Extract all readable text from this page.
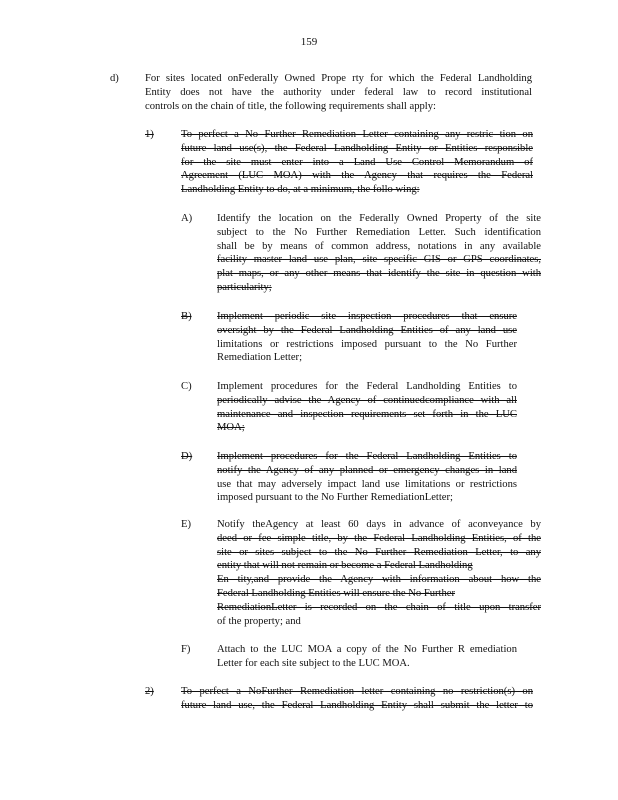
159
d) For sites located onFederally Owned Prope rty for which the Federal Landholding
Entity does not have the authority under federal law to record institutional
controls on the chain of title, the following requirements shall apply:
1)	To perfect a No Further Remediation Letter containing any restric tion on
future land use(s), the Federal Landholding Entity or Entities responsible
for the site must enter into a Land Use Control Memorandum of
Agreement (LUC MOA) with the Agency that requires the Federal
Landholding Entity to do, at a minimum, the follo wing:
A) Identify the location on the Federally Owned Property of the site
subject to the No Further Remediation Letter. Such identification
shall be by means of common address, notations in any available
facility master land use plan, site specific GIS or GPS coordinates,
plat maps, or any other means that identify the site in question with
particularity;
B) Implement periodic site inspection procedures that ensure
oversight by the Federal Landholding Entities of any land use
limitations or restrictions imposed pursuant to the No Further
Remediation Letter;
C) Implement procedures for the Federal Landholding Entities to
periodically advise the Agency of continuedcompliance with all
maintenance and inspection requirements set forth in the LUC
MOA;
D) Implement procedures for the Federal Landholding Entities to
notify the Agency of any planned or emergency changes in land
use that may adversely impact land use limitations or restrictions
imposed pursuant to the No Further RemediationLetter;
E) Notify theAgency at least 60 days in advance of aconveyance by
deed or fee simple title, by the Federal Landholding Entities, of the
site or sites subject to the No Further Remediation Letter, to any
entity that will not remain or become a Federal Landholding
En tity,and provide the Agency with information about how the
Federal Landholding Entities will ensure the No Further
RemediationLetter is recorded on the chain of title upon transfer
of the property; and
F)	Attach to the LUC MOA a copy of the No Further R emediation
Letter for each site subject to the LUC MOA.
2)	To perfect a NoFurther Remediation letter containing no restriction(s) on
future land use, the Federal Landholding Entity shall submit the letter to
